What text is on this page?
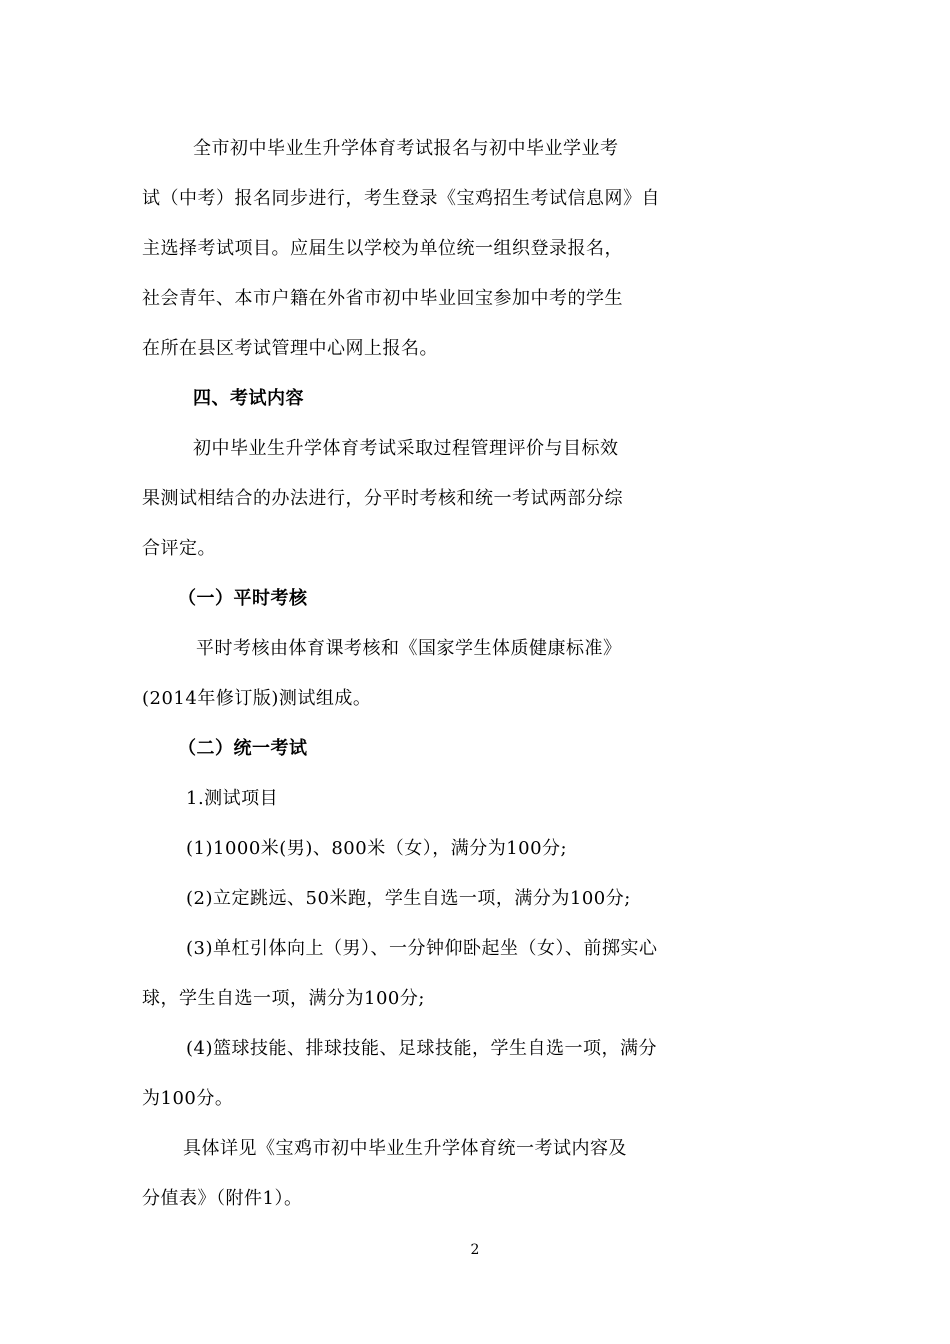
全市初中毕业生升学体育考试报名与初中毕业学业考
试（中考）报名同步进行，考生登录《宝鸡招生考试信息网》自
主选择考试项目。应届生以学校为单位统一组织登录报名，
社会青年、本市户籍在外省市初中毕业回宝参加中考的学生
在所在县区考试管理中心网上报名。
四、考试内容
初中毕业生升学体育考试采取过程管理评价与目标效
果测试相结合的办法进行，分平时考核和统一考试两部分综
合评定。
（一）平时考核
平时考核由体育课考核和《国家学生体质健康标准》
(2014年修订版)测试组成。
（二）统一考试
1.测试项目
(1)1000米(男)、800米（女），满分为100分;
(2)立定跳远、50米跑，学生自选一项，满分为100分;
(3)单杠引体向上（男）、一分钟仰卧起坐（女）、前掷实心
球，学生自选一项，满分为100分;
(4)篮球技能、排球技能、足球技能，学生自选一项，满分
为100分。
具体详见《宝鸡市初中毕业生升学体育统一考试内容及
分值表》（附件1）。
2
